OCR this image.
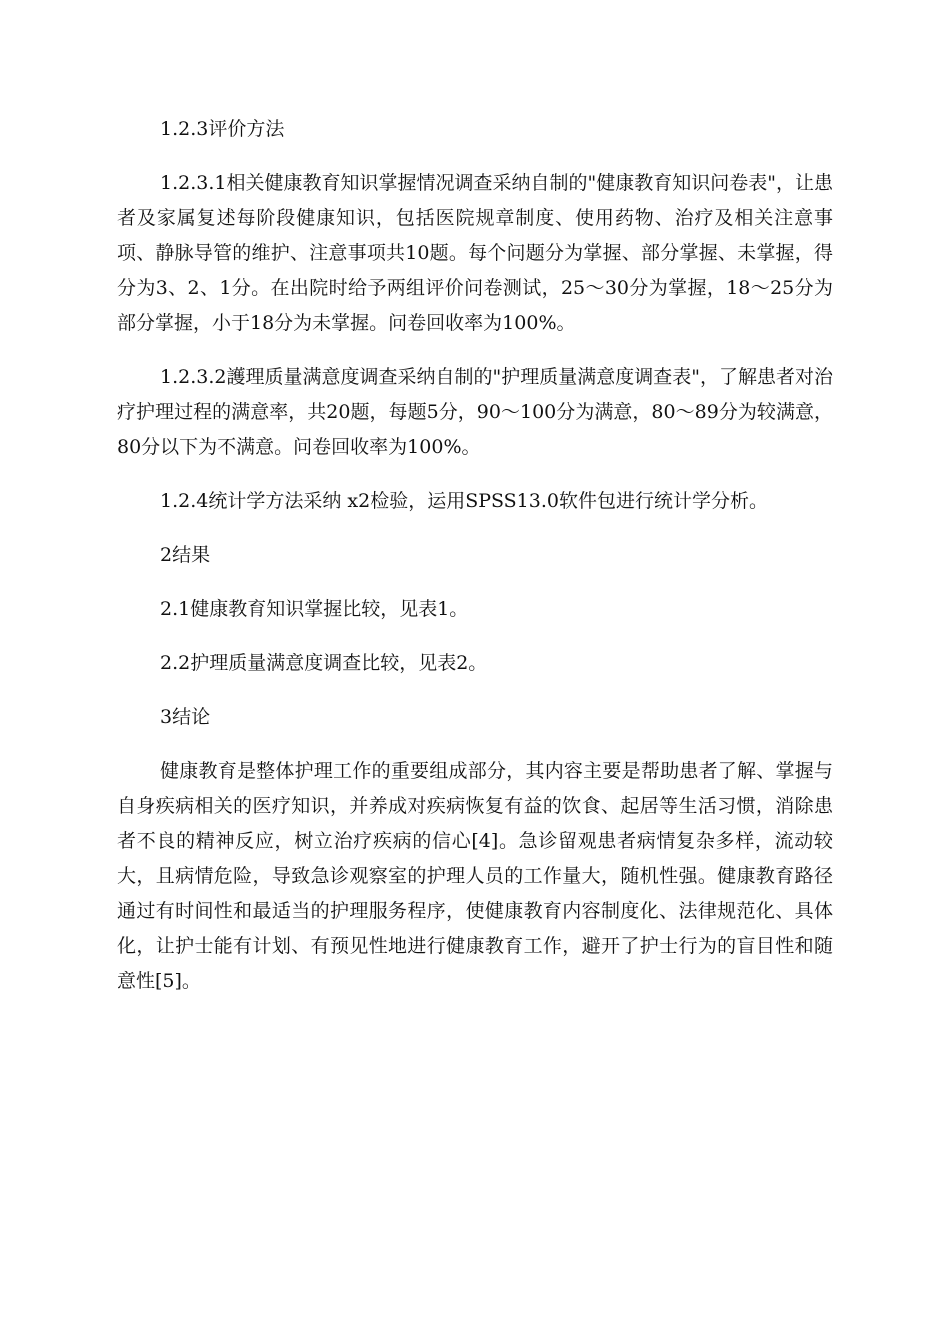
1.2.3评价方法

1.2.3.1相关健康教育知识掌握情况调查采纳自制的"健康教育知识问卷表"，让患者及家属复述每阶段健康知识，包括医院规章制度、使用药物、治疗及相关注意事项、静脉导管的维护、注意事项共10题。每个问题分为掌握、部分掌握、未掌握，得分为3、2、1分。在出院时给予两组评价问卷测试，25～30分为掌握，18～25分为部分掌握，小于18分为未掌握。问卷回收率为100%。

1.2.3.2護理质量满意度调查采纳自制的"护理质量满意度调查表"，了解患者对治疗护理过程的满意率，共20题，每题5分，90～100分为满意，80～89分为较满意，80分以下为不满意。问卷回收率为100%。

1.2.4统计学方法采纳 x2检验，运用SPSS13.0软件包进行统计学分析。

2结果

2.1健康教育知识掌握比较，见表1。

2.2护理质量满意度调查比较，见表2。

3结论

健康教育是整体护理工作的重要组成部分，其内容主要是帮助患者了解、掌握与自身疾病相关的医疗知识，并养成对疾病恢复有益的饮食、起居等生活习惯，消除患者不良的精神反应，树立治疗疾病的信心[4]。急诊留观患者病情复杂多样，流动较大，且病情危险，导致急诊观察室的护理人员的工作量大，随机性强。健康教育路径通过有时间性和最适当的护理服务程序，使健康教育内容制度化、法律规范化、具体化，让护士能有计划、有预见性地进行健康教育工作，避开了护士行为的盲目性和随意性[5]。
